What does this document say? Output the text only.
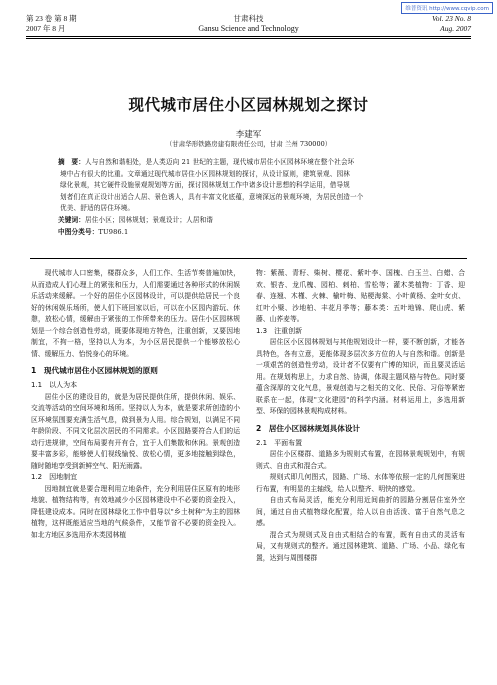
维普资讯 http://www.cqvip.com
第 23 卷 第 8 期
2007 年 8 月
甘肃科技
Gansu Science and Technology
Vol. 23 No. 8
Aug. 2007
现代城市居住小区园林规划之探讨
李建军
（甘肃华形铁路房建有限责任公司，甘肃 兰州 730000）
摘　要：人与自然和谐相处，是人类迈向 21 世纪的主题，现代城市居住小区园林环境在整个社会环
境中占有很大的比重。文章通过现代城市居住小区园林规划的探讨，从设计原则，建筑景观、园林
绿化景观，其它硬件设施景观规划等方面，探讨园林规划工作中诸多设计思想的科学运用，借导规
划者们在真正设计出适合人居、景色诱人，具有丰富文化底蕴，意境深远的景观环境，为居民创造一个
优美、舒适的居住环境。
关键词：居住小区；园林规划；景观设计；人居和谐
中图分类号：TU986.1
现代城市人口密集，楼群众多，人们工作、生活节奏普遍加快，从而造成人们心理上的紧张和压力，人们需要通过各种形式的休闲娱乐活动来缓解。一个好的居住小区园林设计，可以提供给居民一个良好的休闲娱乐场所，使人们下班回家以后，可以在小区园内游玩、休憩，放松心情，缓解由于紧张的工作所带来的压力。居住小区园林规划是一个综合创造性劳动，既要体现地方特色，注重创新，又要因地制宜，不拘一格，坚持以人为本，为小区居民提供一个能够放松心情、缓解压力、怡悦身心的环境。
1　现代城市居住小区园林规划的原则
1.1　以人为本
居住小区的建设目的，就是为居民提供住所，提供休闲、娱乐、交流等活动的空间环境和场所。坚持以人为本，就是要求所创造的小区环境氛围要充满生活气息，做到景为人用。综合规划，以满足不同年龄阶段、不同文化层次居民的不同需求。小区园路要符合人们的运动行进规律，空间布局要有开有合，宜于人们集散和休闲。景观创造要丰富多彩，能够使人们视线愉悦、放松心情，更多地接触到绿色，随时随地享受到新鲜空气、阳光雨露。
1.2　因地制宜
因地制宜就是要合理利用立地条件，充分利用居住区原有的地形地貌、植物结构等，有效地减少小区园林建设中不必要的资金投入，降低建设成本。同时在园林绿化工作中倡导以"乡土树种"为主的园林植物，这样既能适应当地的气候条件，又能节省不必要的资金投入。如北方地区多选用乔木类园林植
物：紫薇、青籽、柴树、樱花、紫叶李、国槐、白玉兰、白蜡、合欢、银杏、龙爪槐、园柏、刺柏、雪松等；灌木类植物：丁香、迎春、连翘、木槿、火棘、榆叶梅、贴梗海棠、小叶黄杨、金叶女贞、红叶小檗、沙地柏、丰花月季等；藤本类：五叶地锦、爬山虎、紫藤、山荞麦等。
1.3　注重创新
居住区小区园林规划与其他规划设计一样，要不断创新，才能各具特色，各有立意，更能体现多层次多方位的人与自然和谐。创新是一项艰苦的创造性劳动，设计者不仅要有广博的知识，而且要灵活运用。在规划构思上，力求自然、协调，体现主题风格与特色。同时要蕴含深厚的文化气息，景观创造与之相关的文化、民俗、习俗等紧密联系在一起，体现"文化建园"的科学内涵。材料运用上，多选用新型、环保的园林景观构成材料。
2　居住小区园林规划具体设计
2.1　平面布置
居住小区楼群、道路多为规则式布置，在园林景观规划中，有规则式、自由式和混合式。
规则式即几何图式，园路、广场、水体等依照一定的几何图案进行布置，有明显的主轴线，给人以整齐、明快的感觉。
自由式布局灵活，能充分利用近间曲折的园路分割居住室外空间，通过自由式植物绿化配置，给人以自由活泼、富于自然气息之感。
混合式为规则式及自由式相结合的布置，既有自由式的灵活布局，又有规则式的整齐。通过园林建筑、道路、广场、小品、绿化布置，达到与周围楼群
